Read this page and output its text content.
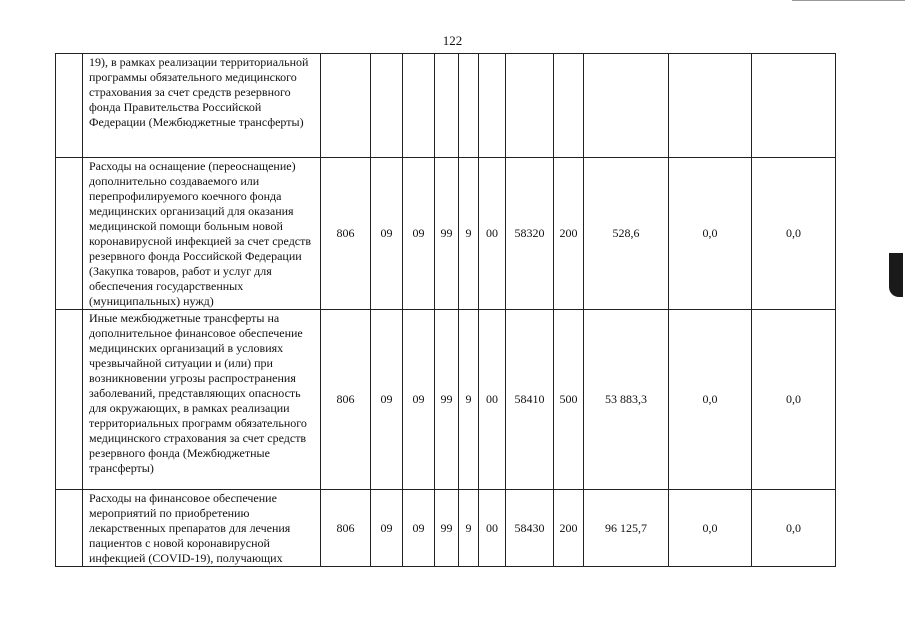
122
	19), в рамках реализации территориальной программы обязательного медицинского страхования за счет средств резервного фонда Правительства Российской Федерации (Межбюджетные трансферты)											
	Расходы на оснащение (переоснащение) дополнительно создаваемого или перепрофилируемого коечного фонда медицинских организаций для оказания медицинской помощи больным новой коронавирусной инфекцией за счет средств резервного фонда Российской Федерации (Закупка товаров, работ и услуг для обеспечения государственных (муниципальных) нужд)	806	09	09	99	9	00	58320	200	528,6	0,0	0,0
	Иные межбюджетные трансферты на дополнительное финансовое обеспечение медицинских организаций в условиях чрезвычайной ситуации и (или) при возникновении угрозы распространения заболеваний, представляющих опасность для окружающих, в рамках реализации территориальных программ обязательного медицинского страхования за счет средств резервного фонда (Межбюджетные трансферты)	806	09	09	99	9	00	58410	500	53 883,3	0,0	0,0
	Расходы на финансовое обеспечение мероприятий по приобретению лекарственных препаратов для лечения пациентов с новой коронавирусной инфекцией (COVID-19), получающих	806	09	09	99	9	00	58430	200	96 125,7	0,0	0,0
